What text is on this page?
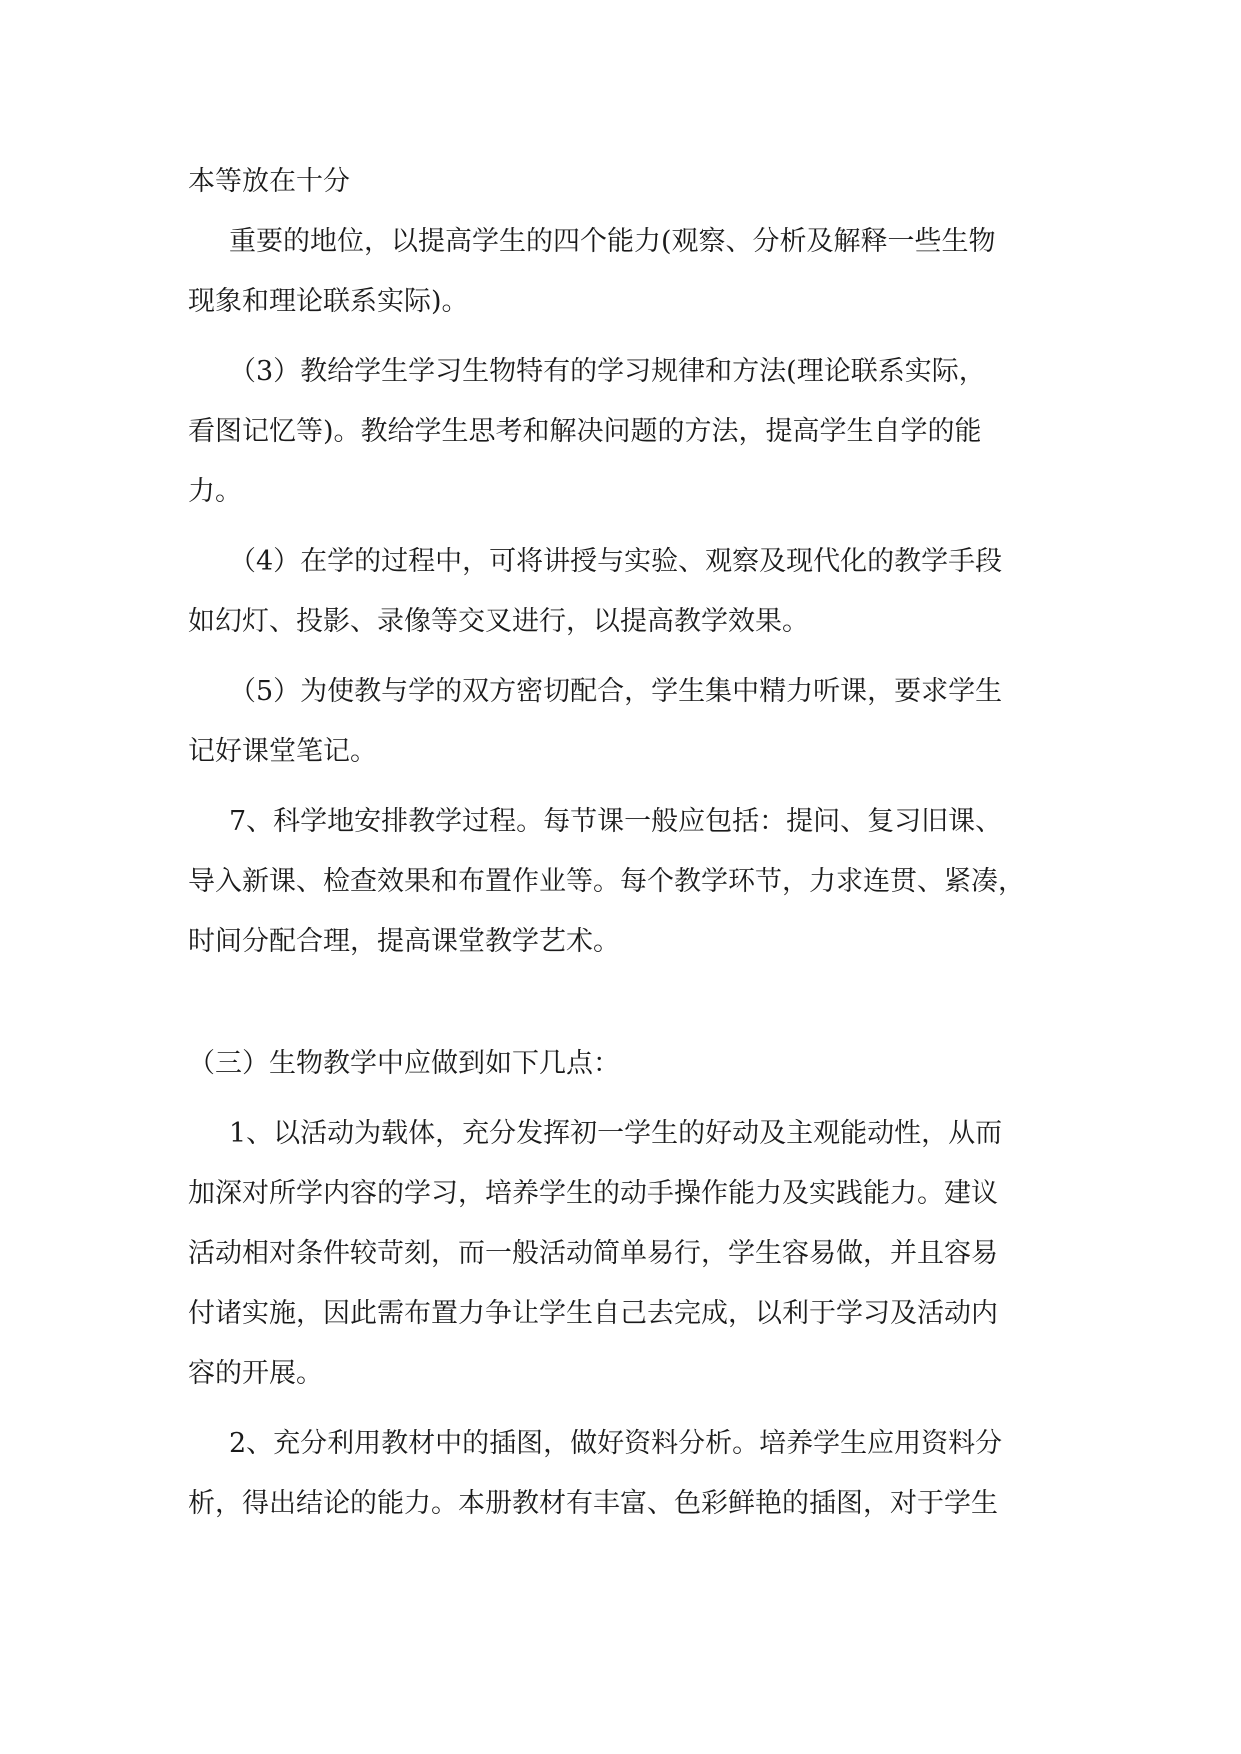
本等放在十分

重要的地位，以提高学生的四个能力(观察、分析及解释一些生物

现象和理论联系实际)。

（3）教给学生学习生物特有的学习规律和方法(理论联系实际，

看图记忆等)。教给学生思考和解决问题的方法，提高学生自学的能

力。

（4）在学的过程中，可将讲授与实验、观察及现代化的教学手段

如幻灯、投影、录像等交叉进行，以提高教学效果。

（5）为使教与学的双方密切配合，学生集中精力听课，要求学生

记好课堂笔记。

7、科学地安排教学过程。每节课一般应包括：提问、复习旧课、

导入新课、检查效果和布置作业等。每个教学环节，力求连贯、紧凑，

时间分配合理，提高课堂教学艺术。

（三）生物教学中应做到如下几点：

1、以活动为载体，充分发挥初一学生的好动及主观能动性，从而

加深对所学内容的学习，培养学生的动手操作能力及实践能力。建议

活动相对条件较苛刻，而一般活动简单易行，学生容易做，并且容易

付诸实施，因此需布置力争让学生自己去完成，以利于学习及活动内

容的开展。

2、充分利用教材中的插图，做好资料分析。培养学生应用资料分

析，得出结论的能力。本册教材有丰富、色彩鲜艳的插图，对于学生
